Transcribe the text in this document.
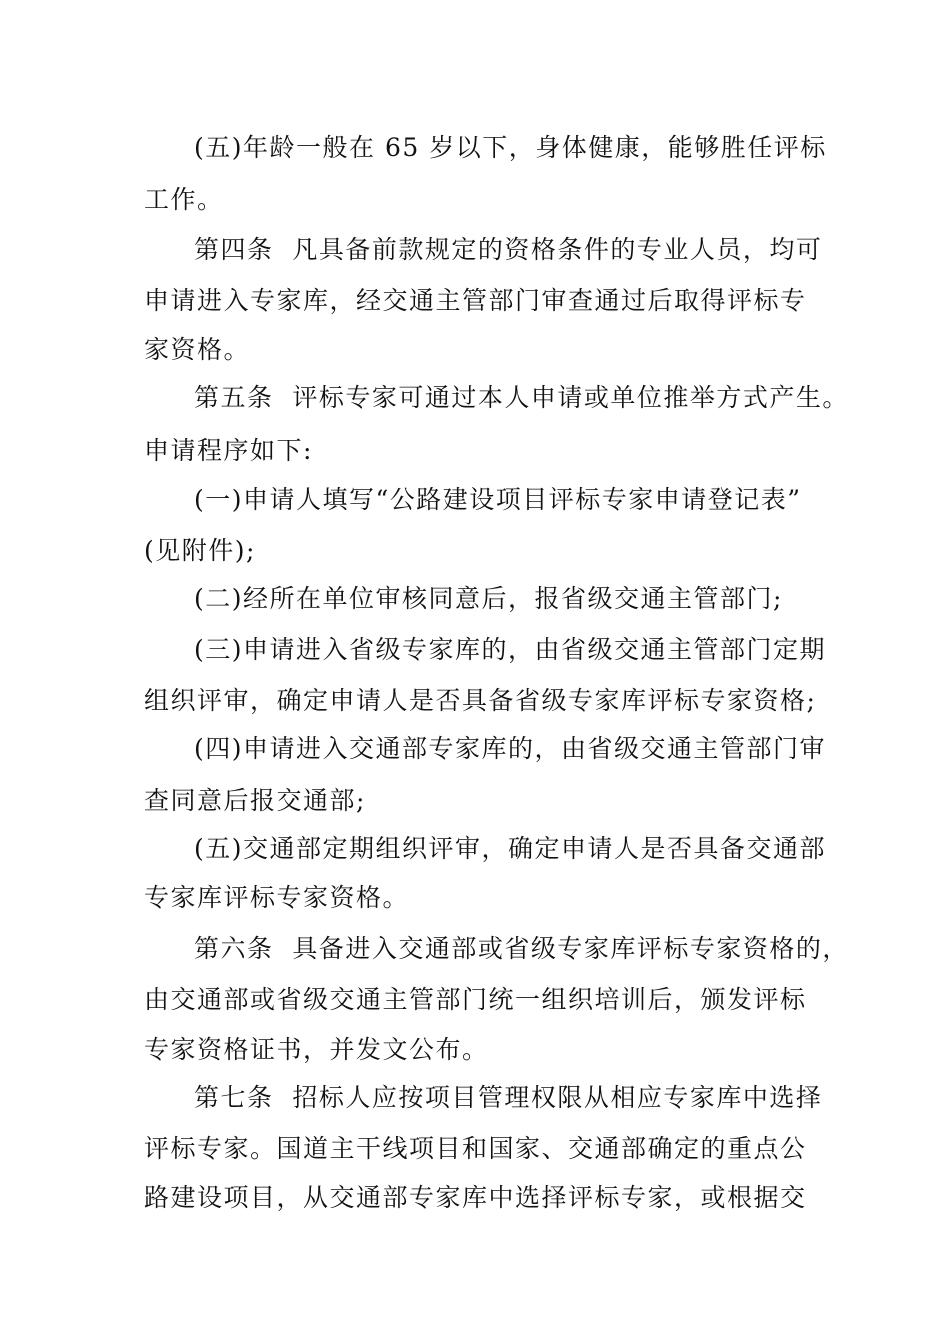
(五)年龄一般在 65 岁以下，身体健康，能够胜任评标
工作。
第四条  凡具备前款规定的资格条件的专业人员，均可
申请进入专家库，经交通主管部门审查通过后取得评标专
家资格。
第五条  评标专家可通过本人申请或单位推举方式产生。
申请程序如下:
(一)申请人填写“公路建设项目评标专家申请登记表”
(见附件);
(二)经所在单位审核同意后，报省级交通主管部门;
(三)申请进入省级专家库的，由省级交通主管部门定期
组织评审，确定申请人是否具备省级专家库评标专家资格;
(四)申请进入交通部专家库的，由省级交通主管部门审
查同意后报交通部;
(五)交通部定期组织评审，确定申请人是否具备交通部
专家库评标专家资格。
第六条  具备进入交通部或省级专家库评标专家资格的，
由交通部或省级交通主管部门统一组织培训后，颁发评标
专家资格证书，并发文公布。
第七条  招标人应按项目管理权限从相应专家库中选择
评标专家。国道主干线项目和国家、交通部确定的重点公
路建设项目，从交通部专家库中选择评标专家，或根据交
